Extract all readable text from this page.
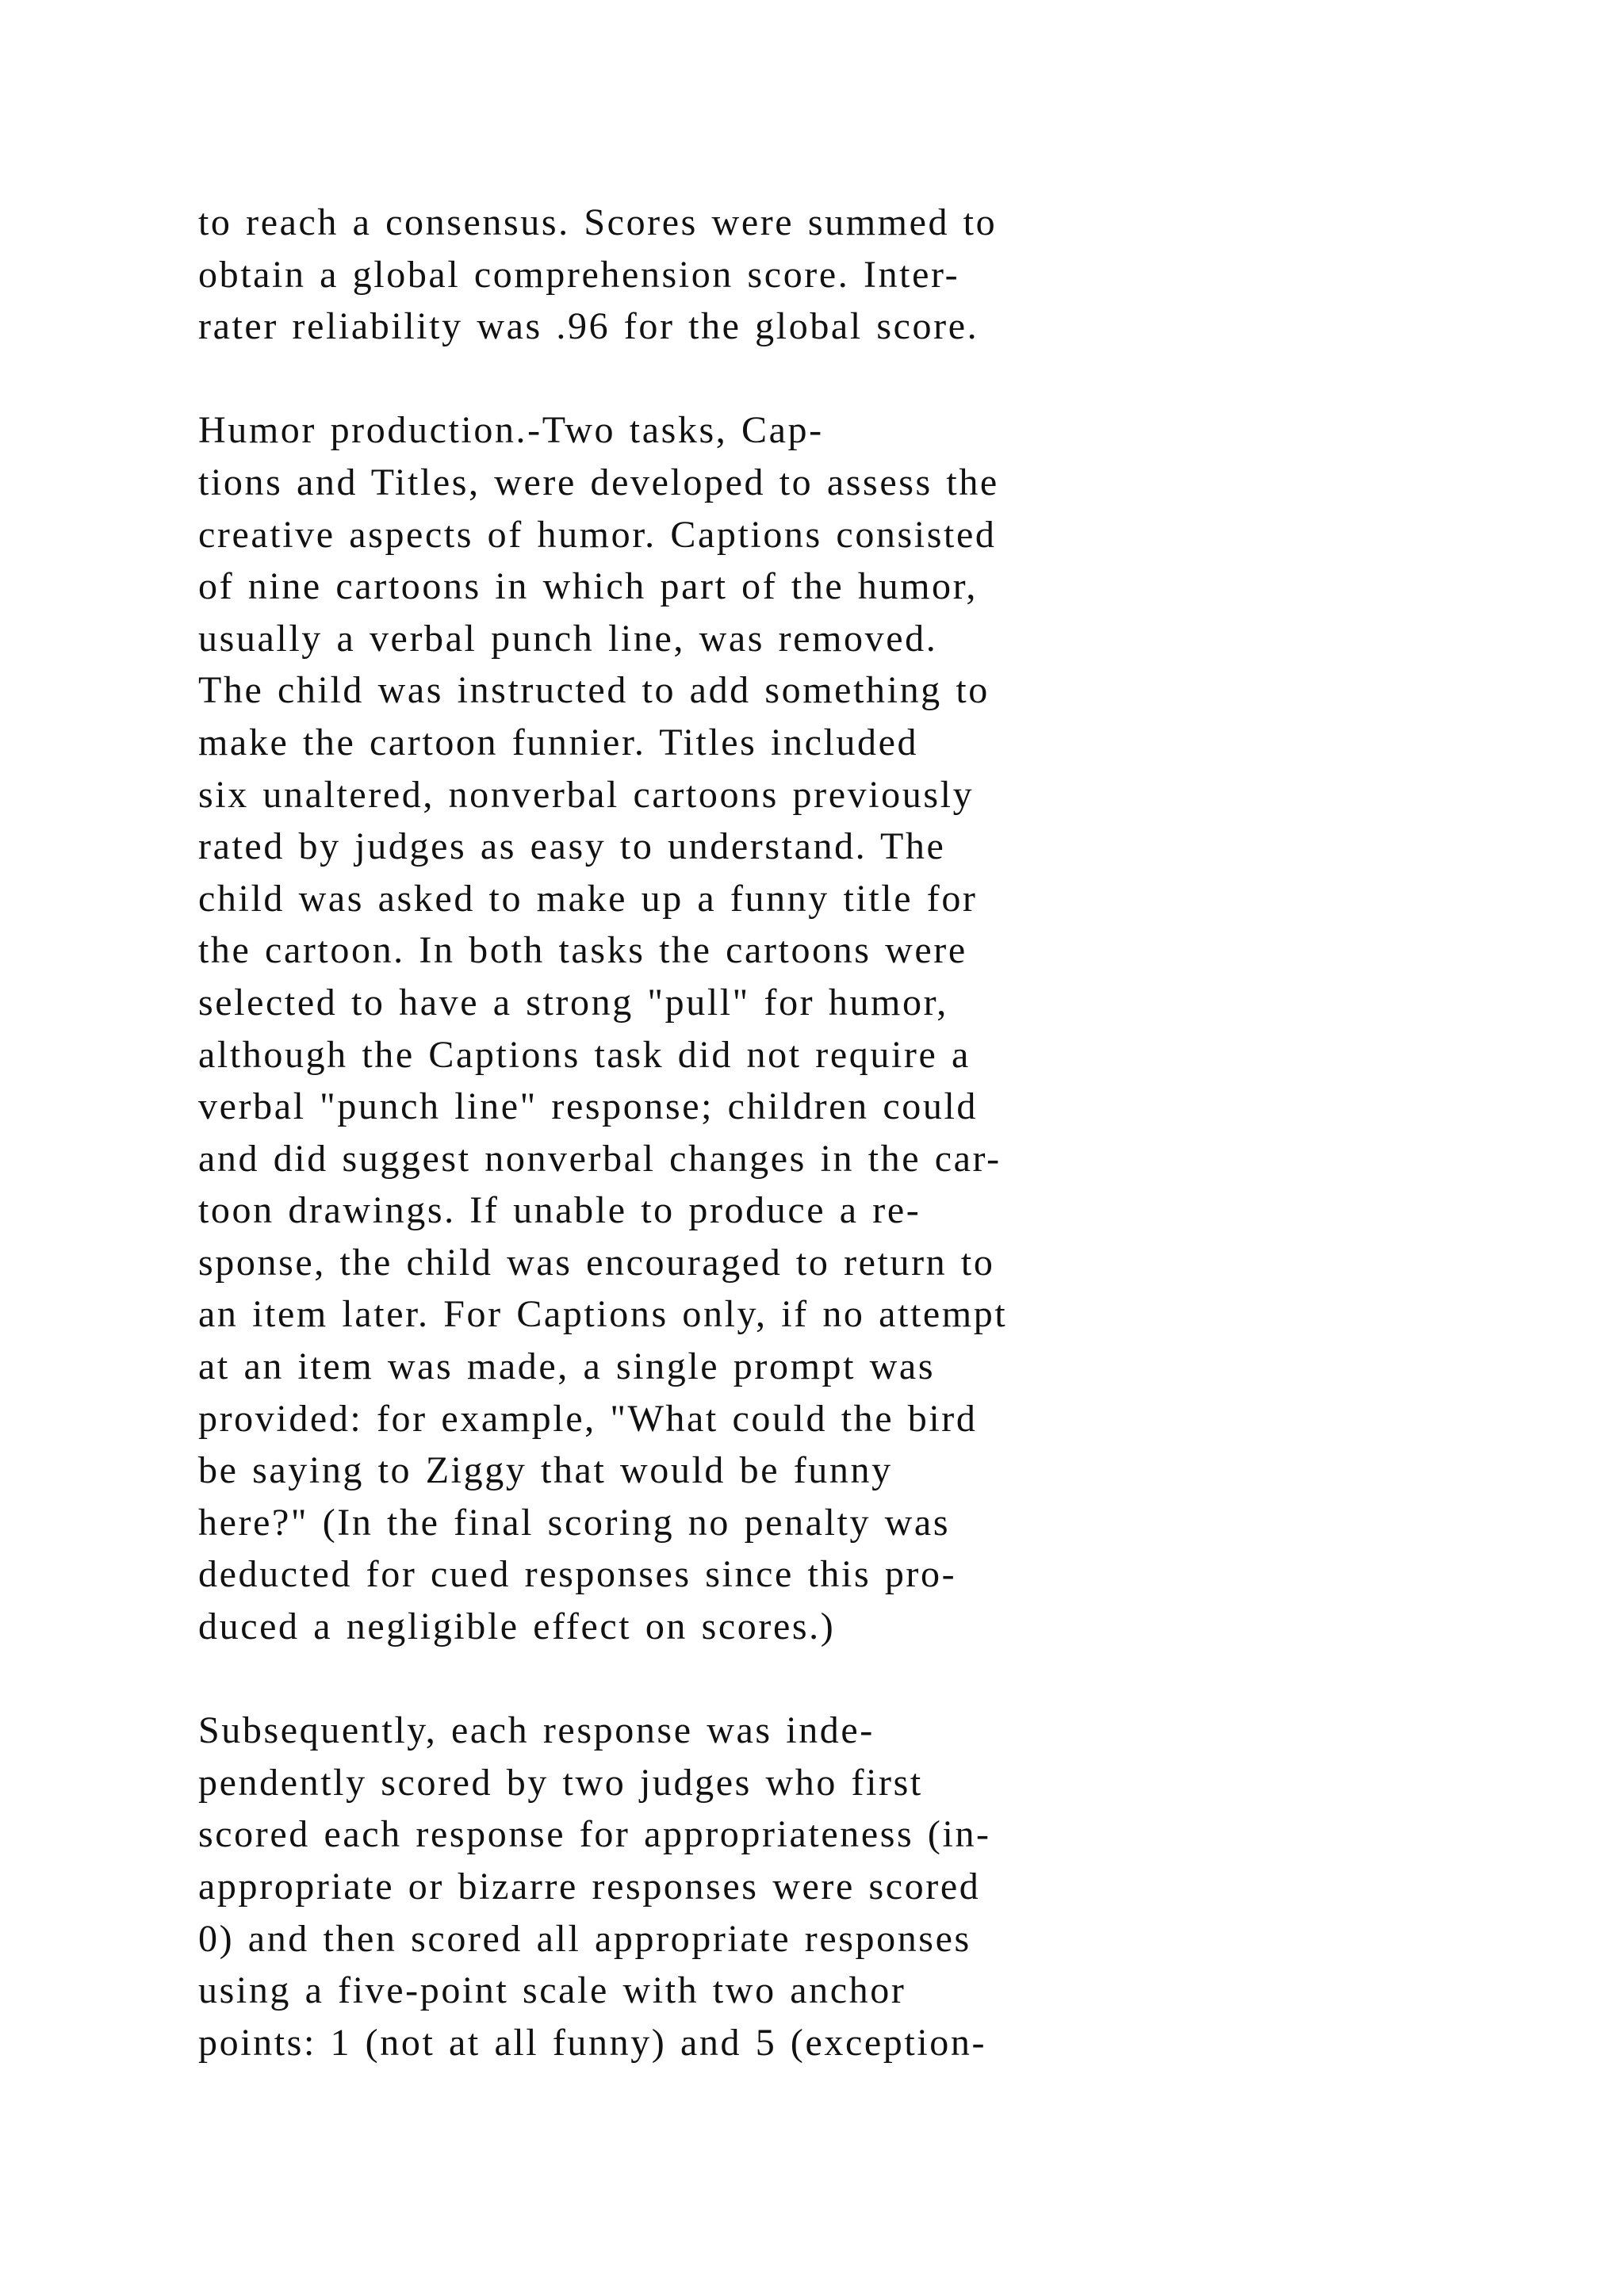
to reach a consensus. Scores were summed to
obtain a global comprehension score. Inter-
rater reliability was .96 for the global score.
Humor production.-Two tasks, Cap-
tions and Titles, were developed to assess the
creative aspects of humor. Captions consisted
of nine cartoons in which part of the humor,
usually a verbal punch line, was removed.
The child was instructed to add something to
make the cartoon funnier. Titles included
six unaltered, nonverbal cartoons previously
rated by judges as easy to understand. The
child was asked to make up a funny title for
the cartoon. In both tasks the cartoons were
selected to have a strong "pull" for humor,
although the Captions task did not require a
verbal "punch line" response; children could
and did suggest nonverbal changes in the car-
toon drawings. If unable to produce a re-
sponse, the child was encouraged to return to
an item later. For Captions only, if no attempt
at an item was made, a single prompt was
provided: for example, "What could the bird
be saying to Ziggy that would be funny
here?" (In the final scoring no penalty was
deducted for cued responses since this pro-
duced a negligible effect on scores.)
Subsequently, each response was inde-
pendently scored by two judges who first
scored each response for appropriateness (in-
appropriate or bizarre responses were scored
0) and then scored all appropriate responses
using a five-point scale with two anchor
points: 1 (not at all funny) and 5 (exception-
